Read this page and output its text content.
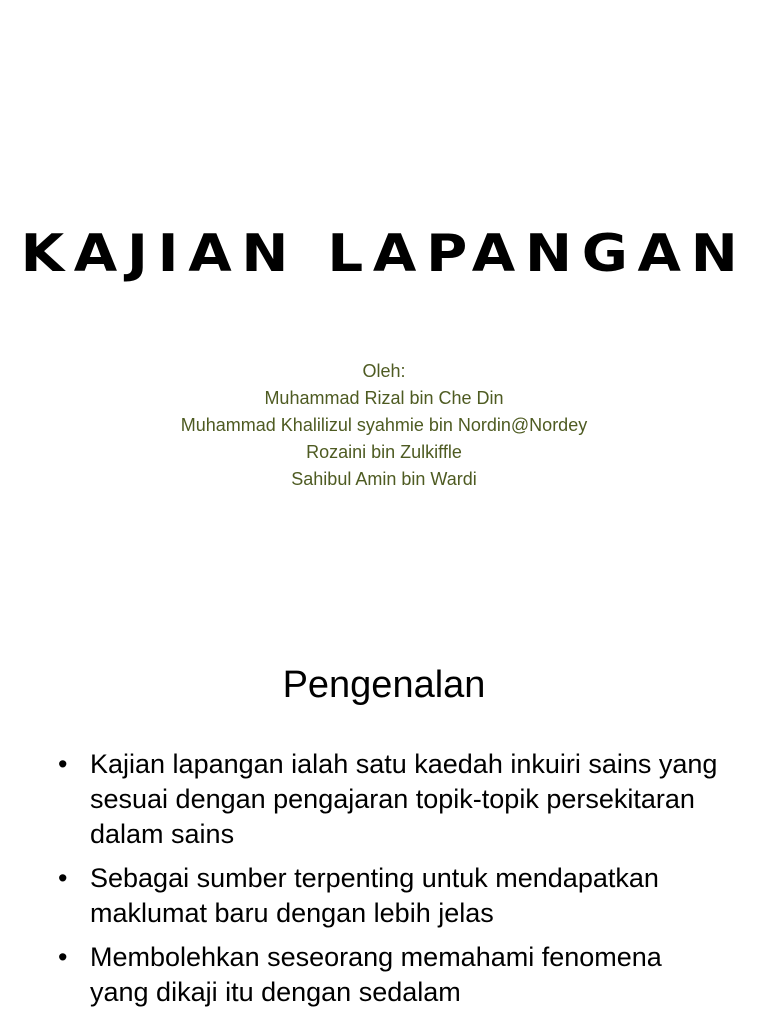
KAJIAN LAPANGAN
Oleh:
Muhammad Rizal bin Che Din
Muhammad Khalilizul syahmie bin Nordin@Nordey
Rozaini bin Zulkiffle
Sahibul Amin bin Wardi
Pengenalan
• Kajian lapangan ialah satu kaedah inkuiri sains yang sesuai dengan pengajaran topik-topik persekitaran dalam sains
• Sebagai sumber terpenting untuk mendapatkan maklumat baru dengan lebih jelas
• Membolehkan seseorang memahami fenomena yang dikaji itu dengan sedalam
